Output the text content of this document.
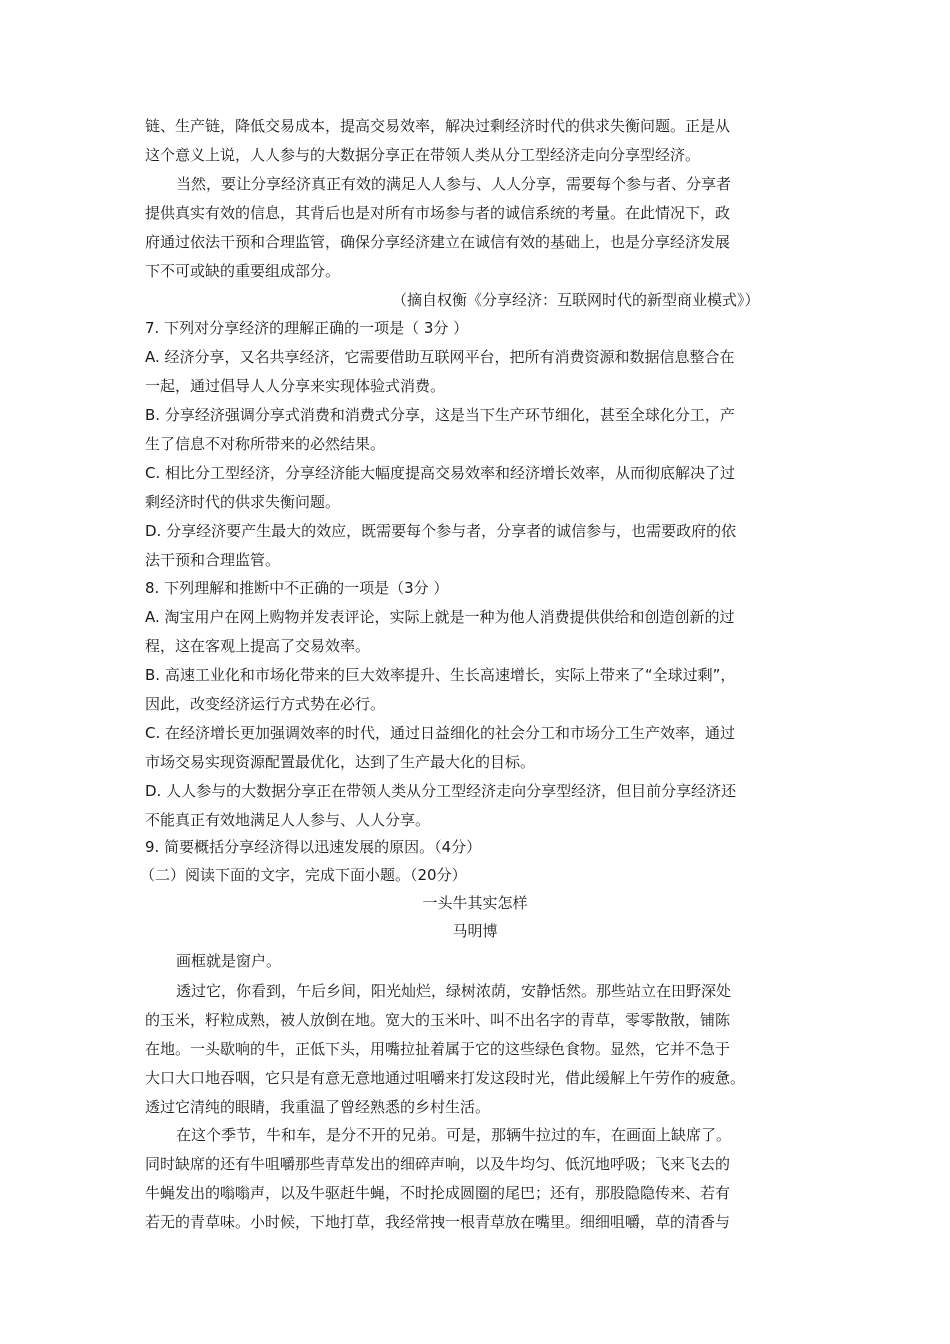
链、生产链，降低交易成本，提高交易效率，解决过剩经济时代的供求失衡问题。正是从
这个意义上说，人人参与的大数据分享正在带领人类从分工型经济走向分享型经济。
当然，要让分享经济真正有效的满足人人参与、人人分享，需要每个参与者、分享者
提供真实有效的信息，其背后也是对所有市场参与者的诚信系统的考量。在此情况下，政
府通过依法干预和合理监管，确保分享经济建立在诚信有效的基础上，也是分享经济发展
下不可或缺的重要组成部分。
（摘自权衡《分享经济：互联网时代的新型商业模式》）
7. 下列对分享经济的理解正确的一项是（ 3分 ）
A. 经济分享，又名共享经济，它需要借助互联网平台，把所有消费资源和数据信息整合在
一起，通过倡导人人分享来实现体验式消费。
B. 分享经济强调分享式消费和消费式分享，这是当下生产环节细化，甚至全球化分工，产
生了信息不对称所带来的必然结果。
C. 相比分工型经济，分享经济能大幅度提高交易效率和经济增长效率，从而彻底解决了过
剩经济时代的供求失衡问题。
D. 分享经济要产生最大的效应，既需要每个参与者，分享者的诚信参与，也需要政府的依
法干预和合理监管。
8. 下列理解和推断中不正确的一项是（3分 ）
A. 淘宝用户在网上购物并发表评论，实际上就是一种为他人消费提供供给和创造创新的过
程，这在客观上提高了交易效率。
B. 高速工业化和市场化带来的巨大效率提升、生长高速增长，实际上带来了“全球过剩”，
因此，改变经济运行方式势在必行。
C. 在经济增长更加强调效率的时代，通过日益细化的社会分工和市场分工生产效率，通过
市场交易实现资源配置最优化，达到了生产最大化的目标。
D. 人人参与的大数据分享正在带领人类从分工型经济走向分享型经济，但目前分享经济还
不能真正有效地满足人人参与、人人分享。
9. 简要概括分享经济得以迅速发展的原因。（4分）
（二）阅读下面的文字，完成下面小题。（20分）
一头牛其实怎样
马明博
画框就是窗户。
透过它，你看到，午后乡间，阳光灿烂，绿树浓荫，安静恬然。那些站立在田野深处
的玉米，籽粒成熟，被人放倒在地。宽大的玉米叶、叫不出名字的青草，零零散散，铺陈
在地。一头歇响的牛，正低下头，用嘴拉扯着属于它的这些绿色食物。显然，它并不急于
大口大口地吞咽，它只是有意无意地通过咀嚼来打发这段时光，借此缓解上午劳作的疲惫。
透过它清纯的眼睛，我重温了曾经熟悉的乡村生活。
在这个季节，牛和车，是分不开的兄弟。可是，那辆牛拉过的车，在画面上缺席了。
同时缺席的还有牛咀嚼那些青草发出的细碎声响，以及牛均匀、低沉地呼吸；飞来飞去的
牛蝇发出的嗡嗡声，以及牛驱赶牛蝇，不时抡成圆圈的尾巴；还有，那股隐隐传来、若有
若无的青草味。小时候，下地打草，我经常拽一根青草放在嘴里。细细咀嚼，草的清香与
